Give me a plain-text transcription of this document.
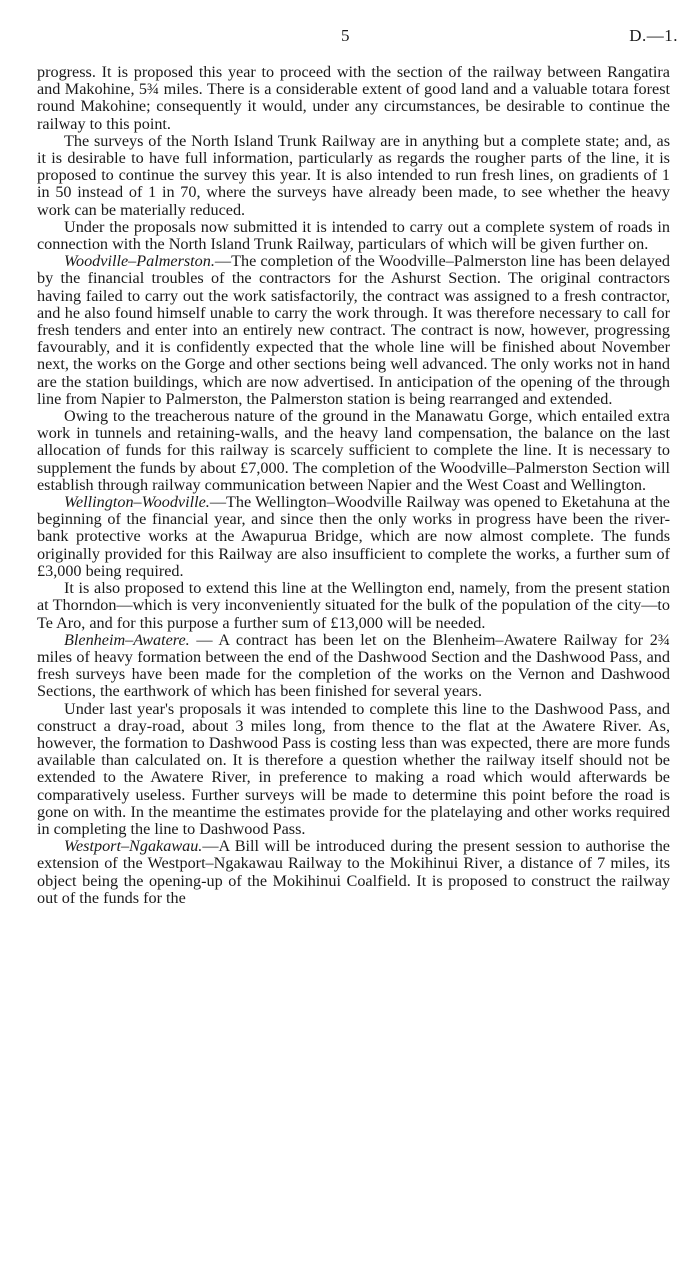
5	D.—1.

progress. It is proposed this year to proceed with the section of the railway between Rangatira and Makohine, 5¾ miles. There is a considerable extent of good land and a valuable totara forest round Makohine; consequently it would, under any circumstances, be desirable to continue the railway to this point.

The surveys of the North Island Trunk Railway are in anything but a complete state; and, as it is desirable to have full information, particularly as regards the rougher parts of the line, it is proposed to continue the survey this year. It is also intended to run fresh lines, on gradients of 1 in 50 instead of 1 in 70, where the surveys have already been made, to see whether the heavy work can be materially reduced.

Under the proposals now submitted it is intended to carry out a complete system of roads in connection with the North Island Trunk Railway, particulars of which will be given further on.

Woodville–Palmerston.—The completion of the Woodville–Palmerston line has been delayed by the financial troubles of the contractors for the Ashurst Section. The original contractors having failed to carry out the work satisfactorily, the contract was assigned to a fresh contractor, and he also found himself unable to carry the work through. It was therefore necessary to call for fresh tenders and enter into an entirely new contract. The contract is now, however, progressing favourably, and it is confidently expected that the whole line will be finished about November next, the works on the Gorge and other sections being well advanced. The only works not in hand are the station buildings, which are now advertised. In anticipation of the opening of the through line from Napier to Palmerston, the Palmerston station is being rearranged and extended.

Owing to the treacherous nature of the ground in the Manawatu Gorge, which entailed extra work in tunnels and retaining-walls, and the heavy land compensation, the balance on the last allocation of funds for this railway is scarcely sufficient to complete the line. It is necessary to supplement the funds by about £7,000. The completion of the Woodville–Palmerston Section will establish through railway communication between Napier and the West Coast and Wellington.

Wellington–Woodville.—The Wellington–Woodville Railway was opened to Eketahuna at the beginning of the financial year, and since then the only works in progress have been the river-bank protective works at the Awapurua Bridge, which are now almost complete. The funds originally provided for this Railway are also insufficient to complete the works, a further sum of £3,000 being required.

It is also proposed to extend this line at the Wellington end, namely, from the present station at Thorndon—which is very inconveniently situated for the bulk of the population of the city—to Te Aro, and for this purpose a further sum of £13,000 will be needed.

Blenheim–Awatere. — A contract has been let on the Blenheim–Awatere Railway for 2¾ miles of heavy formation between the end of the Dashwood Section and the Dashwood Pass, and fresh surveys have been made for the completion of the works on the Vernon and Dashwood Sections, the earthwork of which has been finished for several years.

Under last year's proposals it was intended to complete this line to the Dashwood Pass, and construct a dray-road, about 3 miles long, from thence to the flat at the Awatere River. As, however, the formation to Dashwood Pass is costing less than was expected, there are more funds available than calculated on. It is therefore a question whether the railway itself should not be extended to the Awatere River, in preference to making a road which would afterwards be comparatively useless. Further surveys will be made to determine this point before the road is gone on with. In the meantime the estimates provide for the platelaying and other works required in completing the line to Dashwood Pass.

Westport–Ngakawau.—A Bill will be introduced during the present session to authorise the extension of the Westport–Ngakawau Railway to the Mokihinui River, a distance of 7 miles, its object being the opening-up of the Mokihinui Coalfield. It is proposed to construct the railway out of the funds for the
